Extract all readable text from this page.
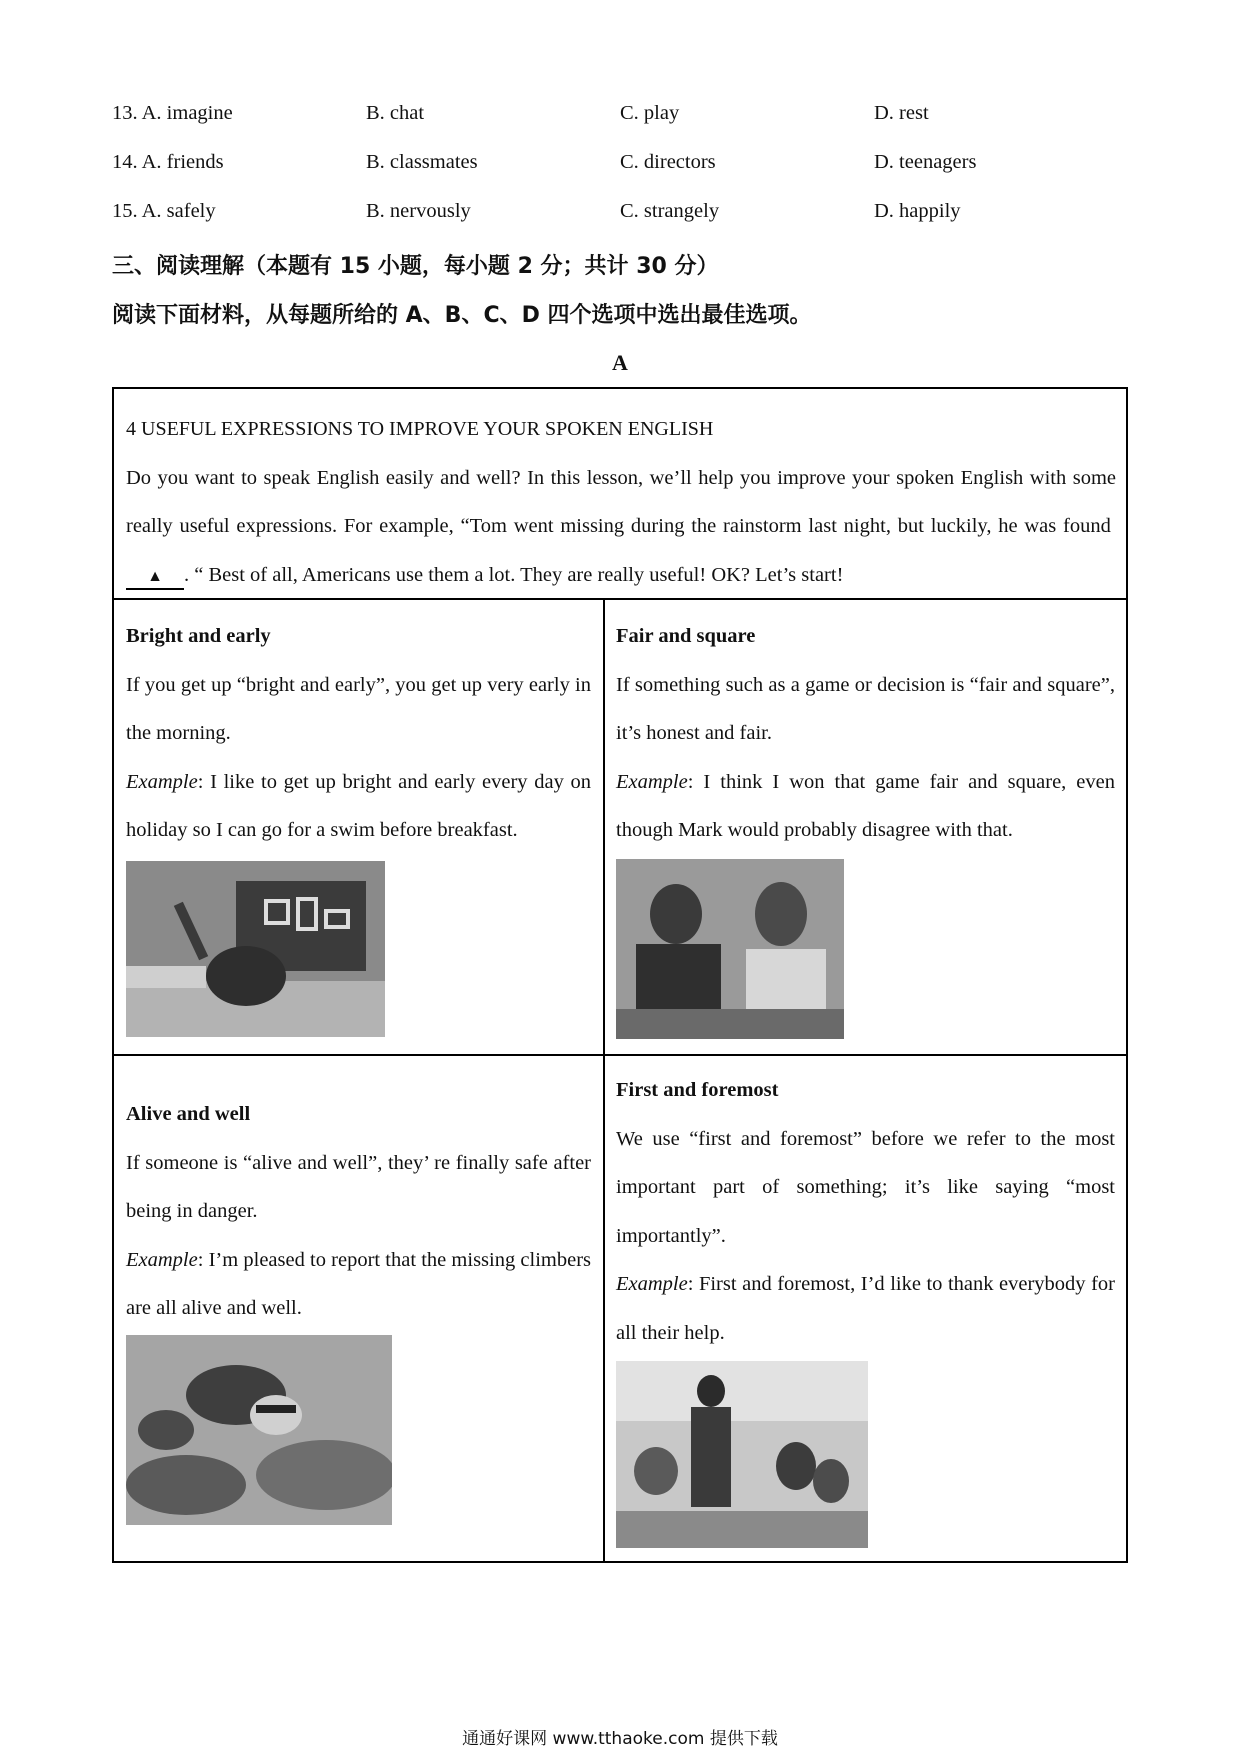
13. A. imagine	B. chat	C. play	D. rest
14. A. friends	B. classmates	C. directors	D. teenagers
15. A. safely	B. nervously	C. strangely	D. happily
三、阅读理解（本题有 15 小题，每小题 2 分；共计 30 分）
阅读下面材料，从每题所给的 A、B、C、D 四个选项中选出最佳选项。
A
4 USEFUL EXPRESSIONS TO IMPROVE YOUR SPOKEN ENGLISH
Do you want to speak English easily and well? In this lesson, we’ll help you improve your spoken English with some really useful expressions. For example, “Tom went missing during the rainstorm last night, but luckily, he was found ▲ . “ Best of all, Americans use them a lot. They are really useful! OK? Let’s start!
Bright and early
If you get up “bright and early”, you get up very early in the morning.
Example: I like to get up bright and early every day on holiday so I can go for a swim before breakfast.
Fair and square
If something such as a game or decision is “fair and square”, it’s honest and fair.
Example: I think I won that game fair and square, even though Mark would probably disagree with that.
Alive and well
If someone is “alive and well”, they’ re finally safe after being in danger.
Example: I’m pleased to report that the missing climbers are all alive and well.
First and foremost
We use “first and foremost” before we refer to the most important part of something; it’s like saying “most importantly”.
Example: First and foremost, I’d like to thank everybody for all their help.
通通好课网 www.tthaoke.com 提供下载
